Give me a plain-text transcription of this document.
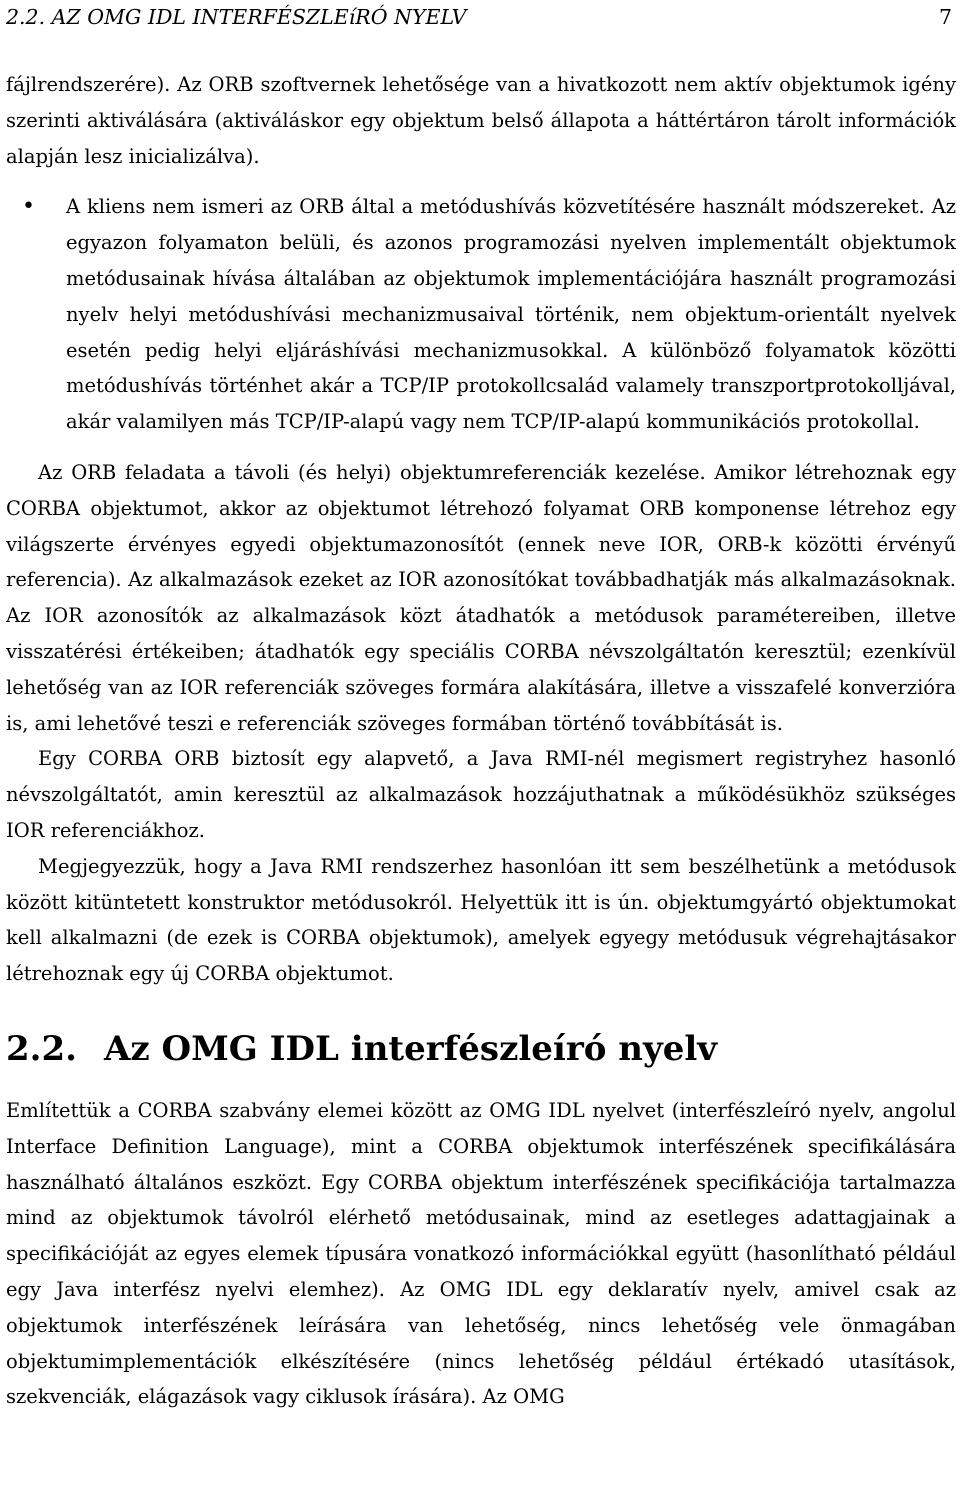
2.2. AZ OMG IDL INTERFÉSZLEíRÓ NYELV	7

fájlrendszerére). Az ORB szoftvernek lehetősége van a hivatkozott nem aktív objektumok igény szerinti aktiválására (aktiváláskor egy objektum belső állapota a háttértáron tárolt információk alapján lesz inicializálva).

• A kliens nem ismeri az ORB által a metódushívás közvetítésére használt módszereket. Az egyazon folyamaton belüli, és azonos programozási nyelven implementált objektumok metódusainak hívása általában az objektumok implementációjára használt programozási nyelv helyi metódushívási mechanizmusaival történik, nem objektum-orientált nyelvek esetén pedig helyi eljáráshívási mechanizmusokkal. A különböző folyamatok közötti metódushívás történhet akár a TCP/IP protokollcsalád valamely transzportprotokolljával, akár valamilyen más TCP/IP-alapú vagy nem TCP/IP-alapú kommunikációs protokollal.

Az ORB feladata a távoli (és helyi) objektumreferenciák kezelése. Amikor létrehoznak egy CORBA objektumot, akkor az objektumot létrehozó folyamat ORB komponense létrehoz egy világszerte érvényes egyedi objektumazonosítót (ennek neve IOR, ORB-k közötti érvényű referencia). Az alkalmazások ezeket az IOR azonosítókat továbbadhatják más alkalmazásoknak. Az IOR azonosítók az alkalmazások közt átadhatók a metódusok paramétereiben, illetve visszatérési értékeiben; átadhatók egy speciális CORBA névszolgáltatón keresztül; ezenkívül lehetőség van az IOR referenciák szöveges formára alakítására, illetve a visszafelé konverzióra is, ami lehetővé teszi e referenciák szöveges formában történő továbbítását is.

Egy CORBA ORB biztosít egy alapvető, a Java RMI-nél megismert registryhez hasonló névszolgáltatót, amin keresztül az alkalmazások hozzájuthatnak a működésükhöz szükséges IOR referenciákhoz.

Megjegyezzük, hogy a Java RMI rendszerhez hasonlóan itt sem beszélhetünk a metódusok között kitüntetett konstruktor metódusokról. Helyettük itt is ún. objektumgyártó objektumokat kell alkalmazni (de ezek is CORBA objektumok), amelyek egyegy metódusuk végrehajtásakor létrehoznak egy új CORBA objektumot.

2.2. Az OMG IDL interfészleíró nyelv

Említettük a CORBA szabvány elemei között az OMG IDL nyelvet (interfészleíró nyelv, angolul Interface Definition Language), mint a CORBA objektumok interfészének specifikálására használható általános eszközt. Egy CORBA objektum interfészének specifikációja tartalmazza mind az objektumok távolról elérhető metódusainak, mind az esetleges adattagjainak a specifikációját az egyes elemek típusára vonatkozó információkkal együtt (hasonlítható például egy Java interfész nyelvi elemhez). Az OMG IDL egy deklaratív nyelv, amivel csak az objektumok interfészének leírására van lehetőség, nincs lehetőség vele önmagában objektumimplementációk elkészítésére (nincs lehetőség például értékadó utasítások, szekvenciák, elágazások vagy ciklusok írására). Az OMG
